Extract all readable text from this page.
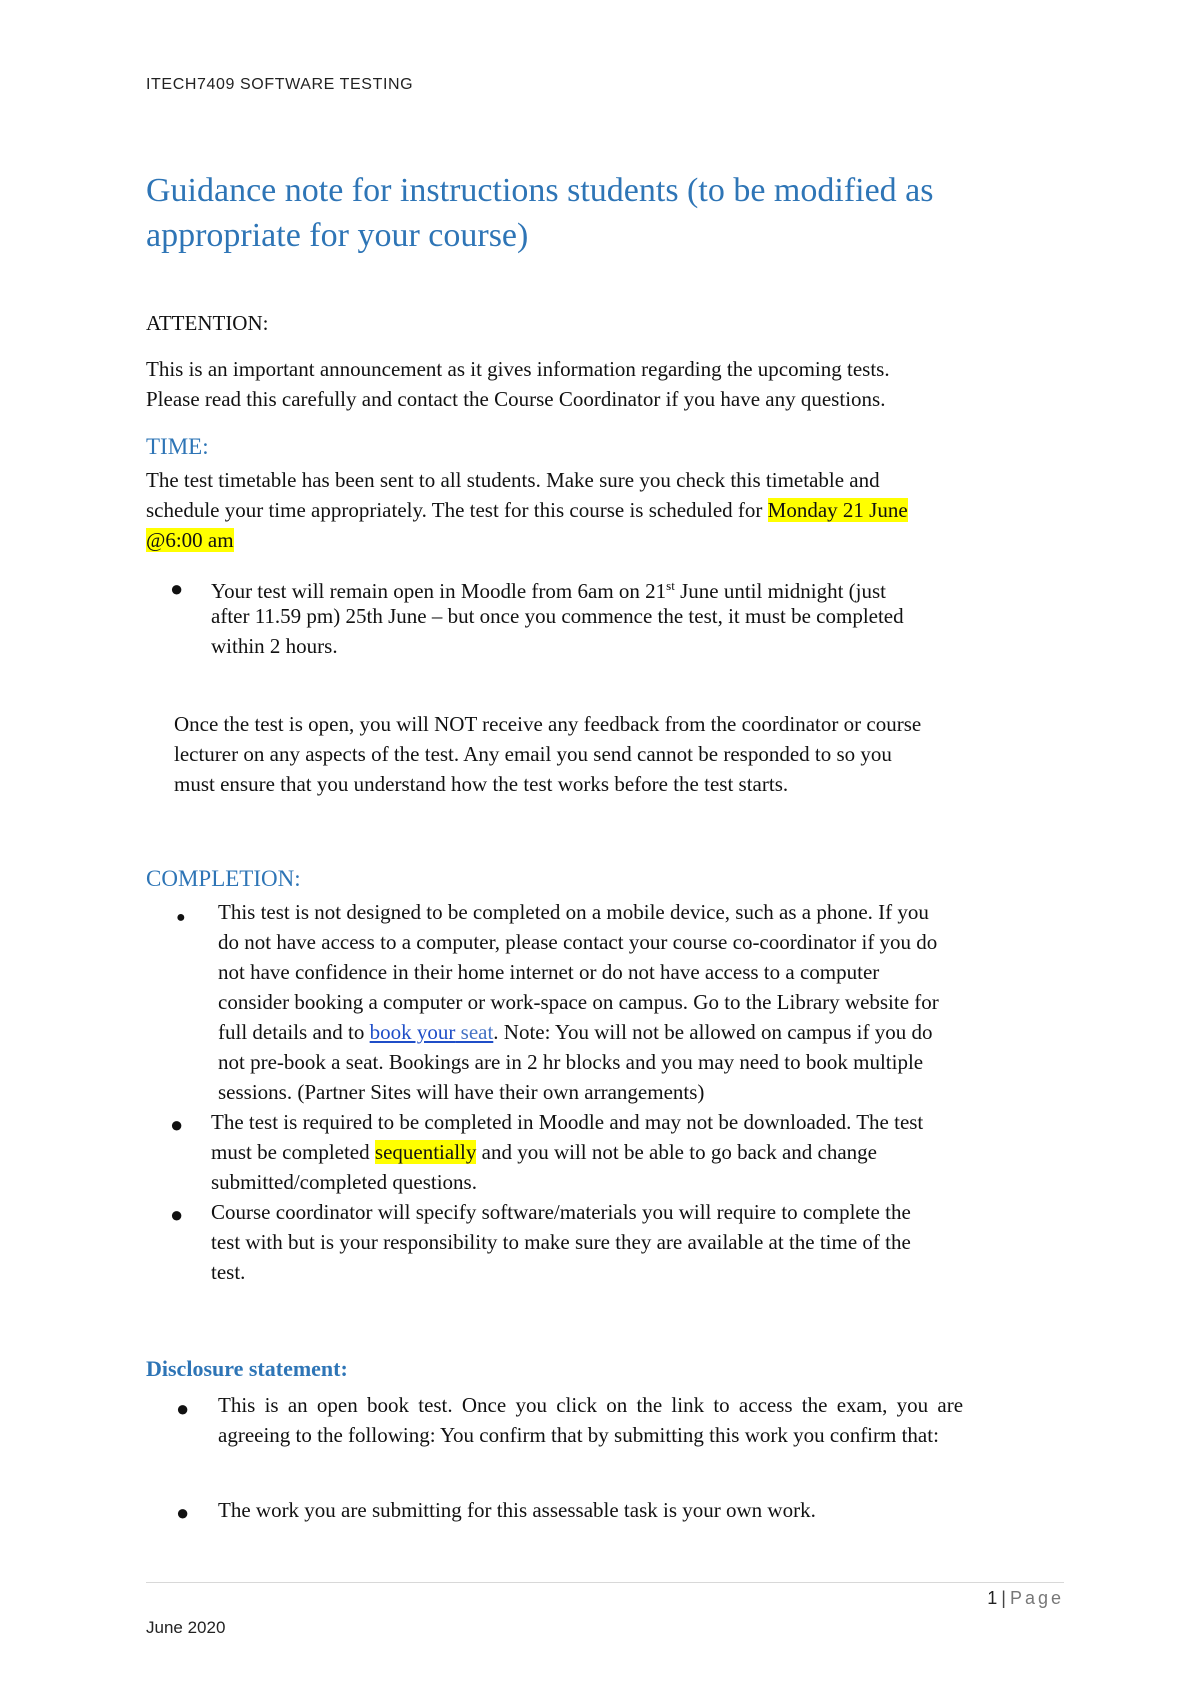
ITECH7409 SOFTWARE TESTING
Guidance note for instructions students (to be modified as appropriate for your course)
ATTENTION:
This is an important announcement as it gives information regarding the upcoming tests.
Please read this carefully and contact the Course Coordinator if you have any questions.
TIME:
The test timetable has been sent to all students. Make sure you check this timetable and
schedule your time appropriately. The test for this course is scheduled for Monday 21 June
@6:00 am
● Your test will remain open in Moodle from 6am on 21st June until midnight (just
after 11.59 pm) 25th June – but once you commence the test, it must be completed
within 2 hours.
Once the test is open, you will NOT receive any feedback from the coordinator or course
lecturer on any aspects of the test. Any email you send cannot be responded to so you
must ensure that you understand how the test works before the test starts.
COMPLETION:
● This test is not designed to be completed on a mobile device, such as a phone. If you
do not have access to a computer, please contact your course co-coordinator if you do
not have confidence in their home internet or do not have access to a computer
consider booking a computer or work-space on campus. Go to the Library website for
full details and to book your seat. Note: You will not be allowed on campus if you do
not pre-book a seat. Bookings are in 2 hr blocks and you may need to book multiple
sessions. (Partner Sites will have their own arrangements)
● The test is required to be completed in Moodle and may not be downloaded. The test
must be completed sequentially and you will not be able to go back and change
submitted/completed questions.
● Course coordinator will specify software/materials you will require to complete the
test with but is your responsibility to make sure they are available at the time of the
test.
Disclosure statement:
● This is an open book test. Once you click on the link to access the exam, you are
agreeing to the following: You confirm that by submitting this work you confirm that:
● The work you are submitting for this assessable task is your own work.
1 | Page
June 2020
